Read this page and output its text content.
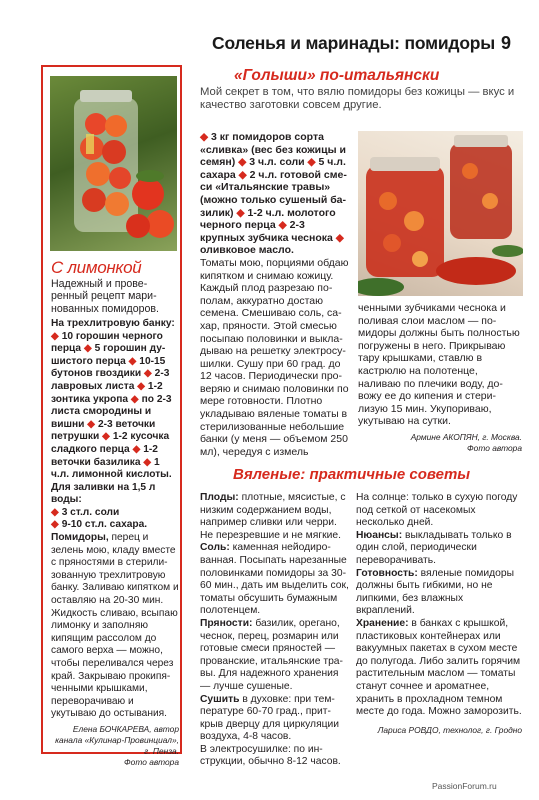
Соленья и маринады: помидоры 9
С лимонкой

Надежный и проверенный рецепт маринованных помидоров.

На трехлитровую банку:

◆ 10 горошин черного перца ◆ 5 горошин душистого перца ◆ 10-15 бутонов гвоздики ◆ 2-3 лавровых листа ◆ 1-2 зонтика укропа ◆ по 2-3 листа смородины и вишни ◆ 2-3 веточки петрушки ◆ 1-2 кусочка сладкого перца ◆ 1-2 веточки базилика ◆ 1 ч.л. лимонной кислоты.

Для заливки на 1,5 л воды:

◆ 3 ст.л. соли
◆ 9-10 ст.л. сахара.

Помидоры, перец и зелень мою, кладу вместе с пряностями в стерилизованную трехлитровую банку. Заливаю кипятком и оставляю на 20-30 мин. Жидкость сливаю, всыпаю лимонку и заполняю кипящим рассолом до самого верха — можно, чтобы переливался через край. Закрываю прокипяченными крышками, переворачиваю и укутываю до остывания.

Елена БОЧКАРЕВА, автор канала «Кулинар-Провинциал», г. Пенза.

Фото автора

«Голыши» по-итальянски

Мой секрет в том, что вялю помидоры без кожицы — вкус и качество заготовки совсем другие.

◆ 3 кг помидоров сорта «сливка» (вес без кожицы и семян) ◆ 3 ч.л. соли ◆ 5 ч.л. сахара ◆ 2 ч.л. готовой смеси «Итальянские травы» (можно только сушеный базилик) ◆ 1-2 ч.л. молотого черного перца ◆ 2-3 крупных зубчика чеснока ◆ оливковое масло.

Томаты мою, порциями обдаю кипятком и снимаю кожицу. Каждый плод разрезаю пополам, аккуратно достаю семена. Смешиваю соль, сахар, пряности. Этой смесью посыпаю половинки и выкладываю на решетку электросушилки. Сушу при 60 град. до 12 часов. Периодически проверяю и снимаю половинки по мере готовности. Плотно укладываю вяленые томаты в стерилизованные небольшие банки (у меня — объемом 250 мл), чередуя с измель

ченными зубчиками чеснока и поливая слои маслом — помидоры должны быть полностью погружены в него. Прикрываю тару крышками, ставлю в кастрюлю на полотенце, наливаю по плечики воду, довожу ее до кипения и стерилизую 15 мин. Укупориваю, укутываю на сутки.

Армине АКОПЯН, г. Москва.

Фото автора

Вяленые: практичные советы

Плоды: плотные, мясистые, с низким содержанием воды, например сливки или черри. Не перезревшие и не мягкие.

Соль: каменная нейодированная. Посыпать нарезанные половинками помидоры за 30-60 мин., дать им выделить сок, томаты обсушить бумажным полотенцем.

Пряности: базилик, орегано, чеснок, перец, розмарин или готовые смеси пряностей — прованские, итальянские травы. Для надежного хранения — лучше сушеные.

Сушить в духовке: при температуре 60-70 град., приткрыв дверцу для циркуляции воздуха, 4-8 часов.

В электросушилке: по инструкции, обычно 8-12 часов.

На солнце: только в сухую погоду под сеткой от насекомых несколько дней.

Нюансы: выкладывать только в один слой, периодически переворачивать.

Готовность: вяленые помидоры должны быть гибкими, но не липкими, без влажных вкраплений.

Хранение: в банках с крышкой, пластиковых контейнерах или вакуумных пакетах в сухом месте до полугода. Либо залить горячим растительным маслом — томаты станут сочнее и ароматнее, хранить в прохладном темном месте до года. Можно заморозить.

Лариса РОВДО, технолог, г. Гродно

PassionForum.ru
